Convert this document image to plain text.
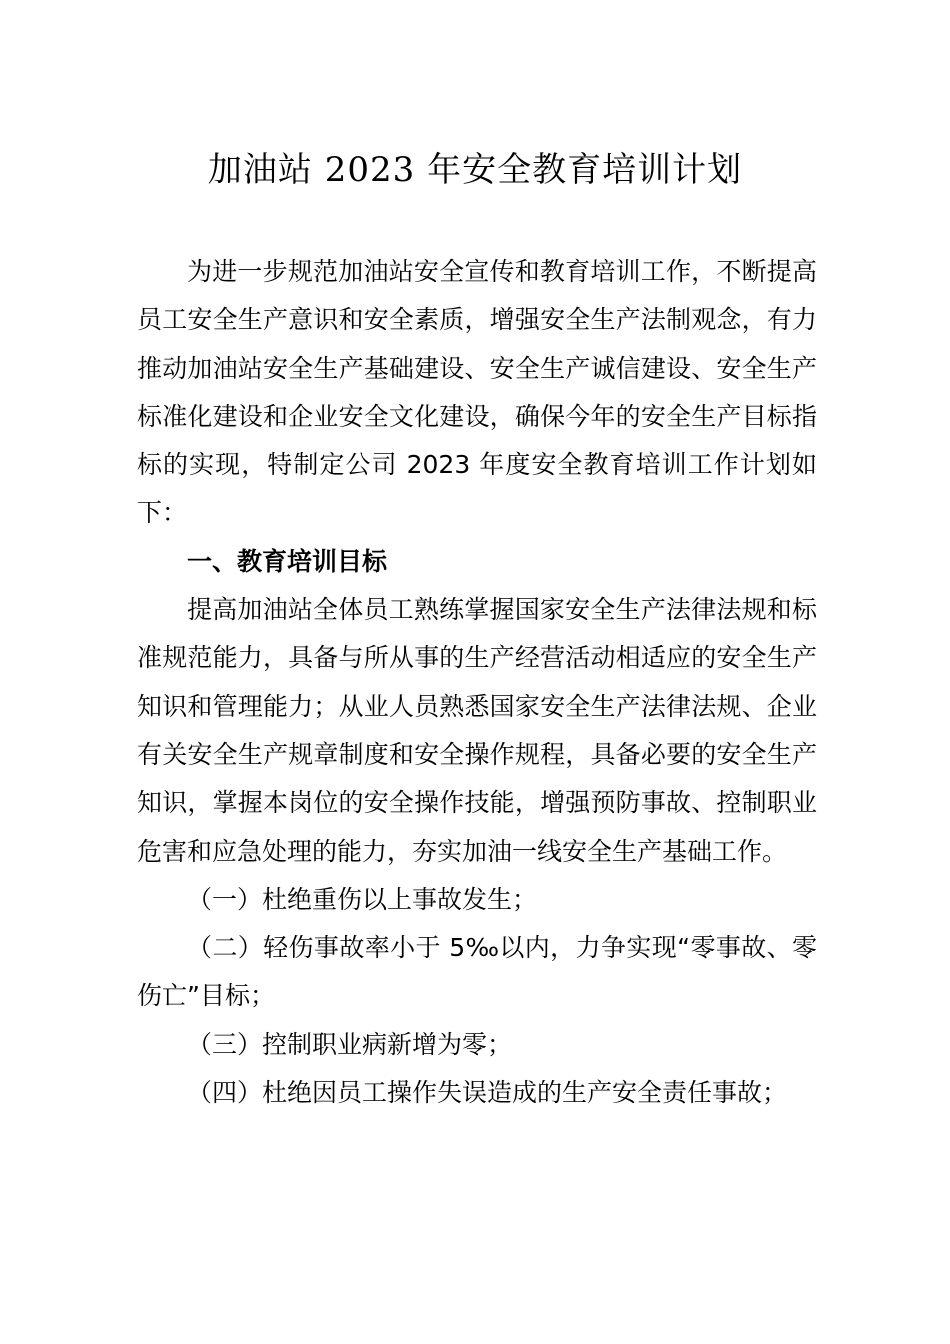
加油站 2023 年安全教育培训计划

为进一步规范加油站安全宣传和教育培训工作，不断提高员工安全生产意识和安全素质，增强安全生产法制观念，有力推动加油站安全生产基础建设、安全生产诚信建设、安全生产标准化建设和企业安全文化建设，确保今年的安全生产目标指标的实现，特制定公司 2023 年度安全教育培训工作计划如下：

一、教育培训目标

提高加油站全体员工熟练掌握国家安全生产法律法规和标准规范能力，具备与所从事的生产经营活动相适应的安全生产知识和管理能力；从业人员熟悉国家安全生产法律法规、企业有关安全生产规章制度和安全操作规程，具备必要的安全生产知识，掌握本岗位的安全操作技能，增强预防事故、控制职业危害和应急处理的能力，夯实加油一线安全生产基础工作。

（一）杜绝重伤以上事故发生；

（二）轻伤事故率小于 5‰以内，力争实现“零事故、零伤亡”目标；

（三）控制职业病新增为零；

（四）杜绝因员工操作失误造成的生产安全责任事故；
